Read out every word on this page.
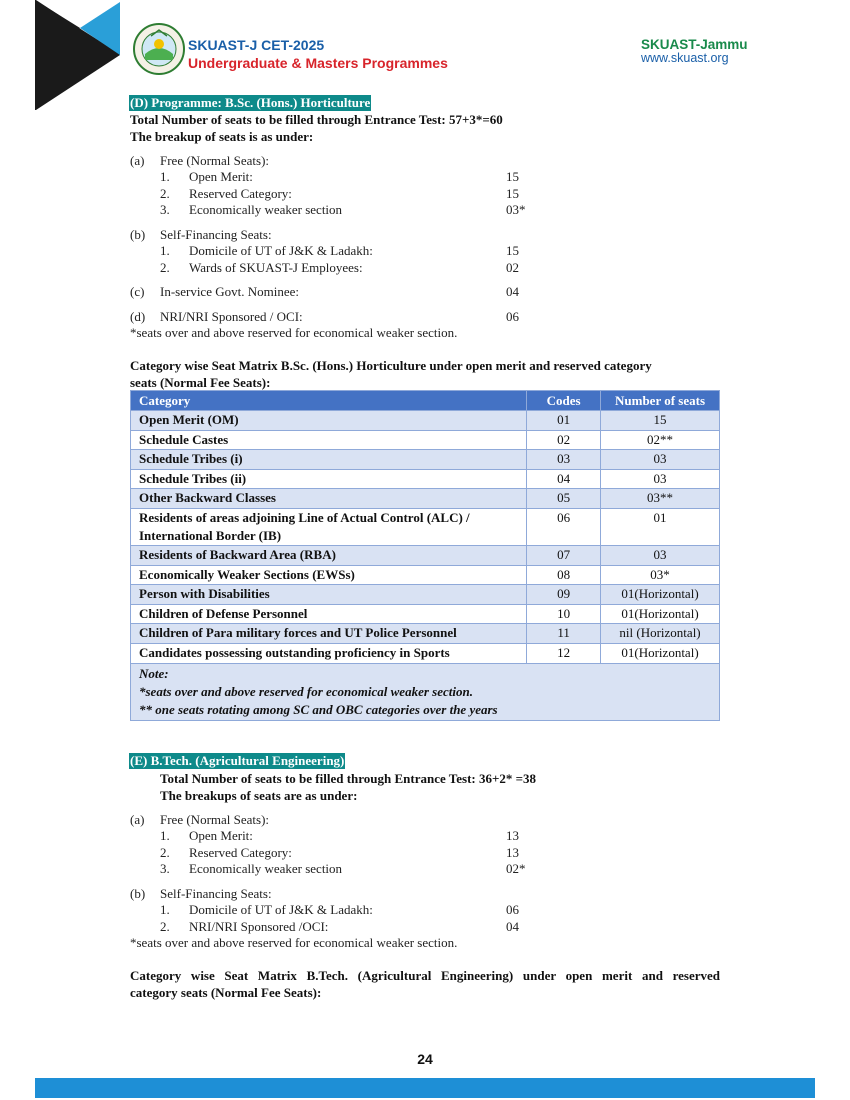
SKUAST-J CET-2025
Undergraduate & Masters Programmes
SKUAST-Jammu
www.skuast.org
(D) Programme: B.Sc. (Hons.) Horticulture
Total Number of seats to be filled through Entrance Test: 57+3*=60
The breakup of seats is as under:
(a) Free (Normal Seats):
1. Open Merit:	15
2. Reserved Category:	15
3. Economically weaker section	03*
(b) Self-Financing Seats:
1. Domicile of UT of J&K & Ladakh:	15
2. Wards of SKUAST-J Employees:	02
(c) In-service Govt. Nominee:	04
(d) NRI/NRI Sponsored / OCI:	06
*seats over and above reserved for economical weaker section.
Category wise Seat Matrix B.Sc. (Hons.) Horticulture under open merit and reserved category
seats (Normal Fee Seats):
Category	Codes	Number of seats
Open Merit (OM)	01	15
Schedule Castes	02	02**
Schedule Tribes (i)	03	03
Schedule Tribes (ii)	04	03
Other Backward Classes	05	03**

Residents of areas adjoining Line of Actual Control (ALC) /
International Border (IB)	06	01
Residents of Backward Area (RBA)	07	03
Economically Weaker Sections (EWSs)	08	03*
Person with Disabilities	09	01(Horizontal)
Children of Defense Personnel	10	01(Horizontal)
Children of Para military forces and UT Police Personnel	11	nil (Horizontal)
Candidates possessing outstanding proficiency in Sports	12	01(Horizontal)

Note:
*seats over and above reserved for economical weaker section.
** one seats rotating among SC and OBC categories over the years		
(E) B.Tech. (Agricultural Engineering)
Total Number of seats to be filled through Entrance Test: 36+2* =38
The breakups of seats are as under:
(a) Free (Normal Seats):
1. Open Merit:	13
2. Reserved Category:	13
3. Economically weaker section	02*
(b) Self-Financing Seats:
1. Domicile of UT of J&K & Ladakh:	06
2. NRI/NRI Sponsored /OCI:	04
*seats over and above reserved for economical weaker section.
Category wise Seat Matrix B.Tech. (Agricultural Engineering) under open merit and reserved
category seats (Normal Fee Seats):
24
